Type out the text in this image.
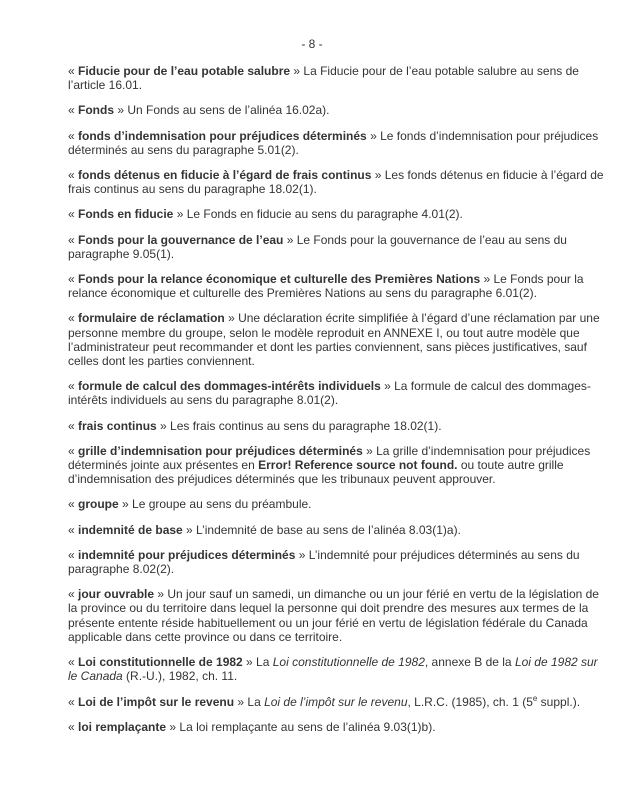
- 8 -

« Fiducie pour de l’eau potable salubre » La Fiducie pour de l’eau potable salubre au sens de l’article 16.01.

« Fonds » Un Fonds au sens de l’alinéa 16.02a).

« fonds d’indemnisation pour préjudices déterminés » Le fonds d’indemnisation pour préjudices déterminés au sens du paragraphe 5.01(2).

« fonds détenus en fiducie à l’égard de frais continus » Les fonds détenus en fiducie à l’égard de frais continus au sens du paragraphe 18.02(1).

« Fonds en fiducie » Le Fonds en fiducie au sens du paragraphe 4.01(2).

« Fonds pour la gouvernance de l’eau » Le Fonds pour la gouvernance de l’eau au sens du paragraphe 9.05(1).

« Fonds pour la relance économique et culturelle des Premières Nations » Le Fonds pour la relance économique et culturelle des Premières Nations au sens du paragraphe 6.01(2).

« formulaire de réclamation » Une déclaration écrite simplifiée à l’égard d’une réclamation par une personne membre du groupe, selon le modèle reproduit en ANNEXE I, ou tout autre modèle que l’administrateur peut recommander et dont les parties conviennent, sans pièces justificatives, sauf celles dont les parties conviennent.

« formule de calcul des dommages-intérêts individuels » La formule de calcul des dommages-intérêts individuels au sens du paragraphe 8.01(2).

« frais continus » Les frais continus au sens du paragraphe 18.02(1).

« grille d’indemnisation pour préjudices déterminés » La grille d’indemnisation pour préjudices déterminés jointe aux présentes en Error! Reference source not found. ou toute autre grille d’indemnisation des préjudices déterminés que les tribunaux peuvent approuver.

« groupe » Le groupe au sens du préambule.

« indemnité de base » L’indemnité de base au sens de l’alinéa 8.03(1)a).

« indemnité pour préjudices déterminés » L’indemnité pour préjudices déterminés au sens du paragraphe 8.02(2).

« jour ouvrable » Un jour sauf un samedi, un dimanche ou un jour férié en vertu de la législation de la province ou du territoire dans lequel la personne qui doit prendre des mesures aux termes de la présente entente réside habituellement ou un jour férié en vertu de législation fédérale du Canada applicable dans cette province ou dans ce territoire.

« Loi constitutionnelle de 1982 » La Loi constitutionnelle de 1982, annexe B de la Loi de 1982 sur le Canada (R.-U.), 1982, ch. 11.

« Loi de l’impôt sur le revenu » La Loi de l’impôt sur le revenu, L.R.C. (1985), ch. 1 (5e suppl.).

« loi remplaçante » La loi remplaçante au sens de l’alinéa 9.03(1)b).
